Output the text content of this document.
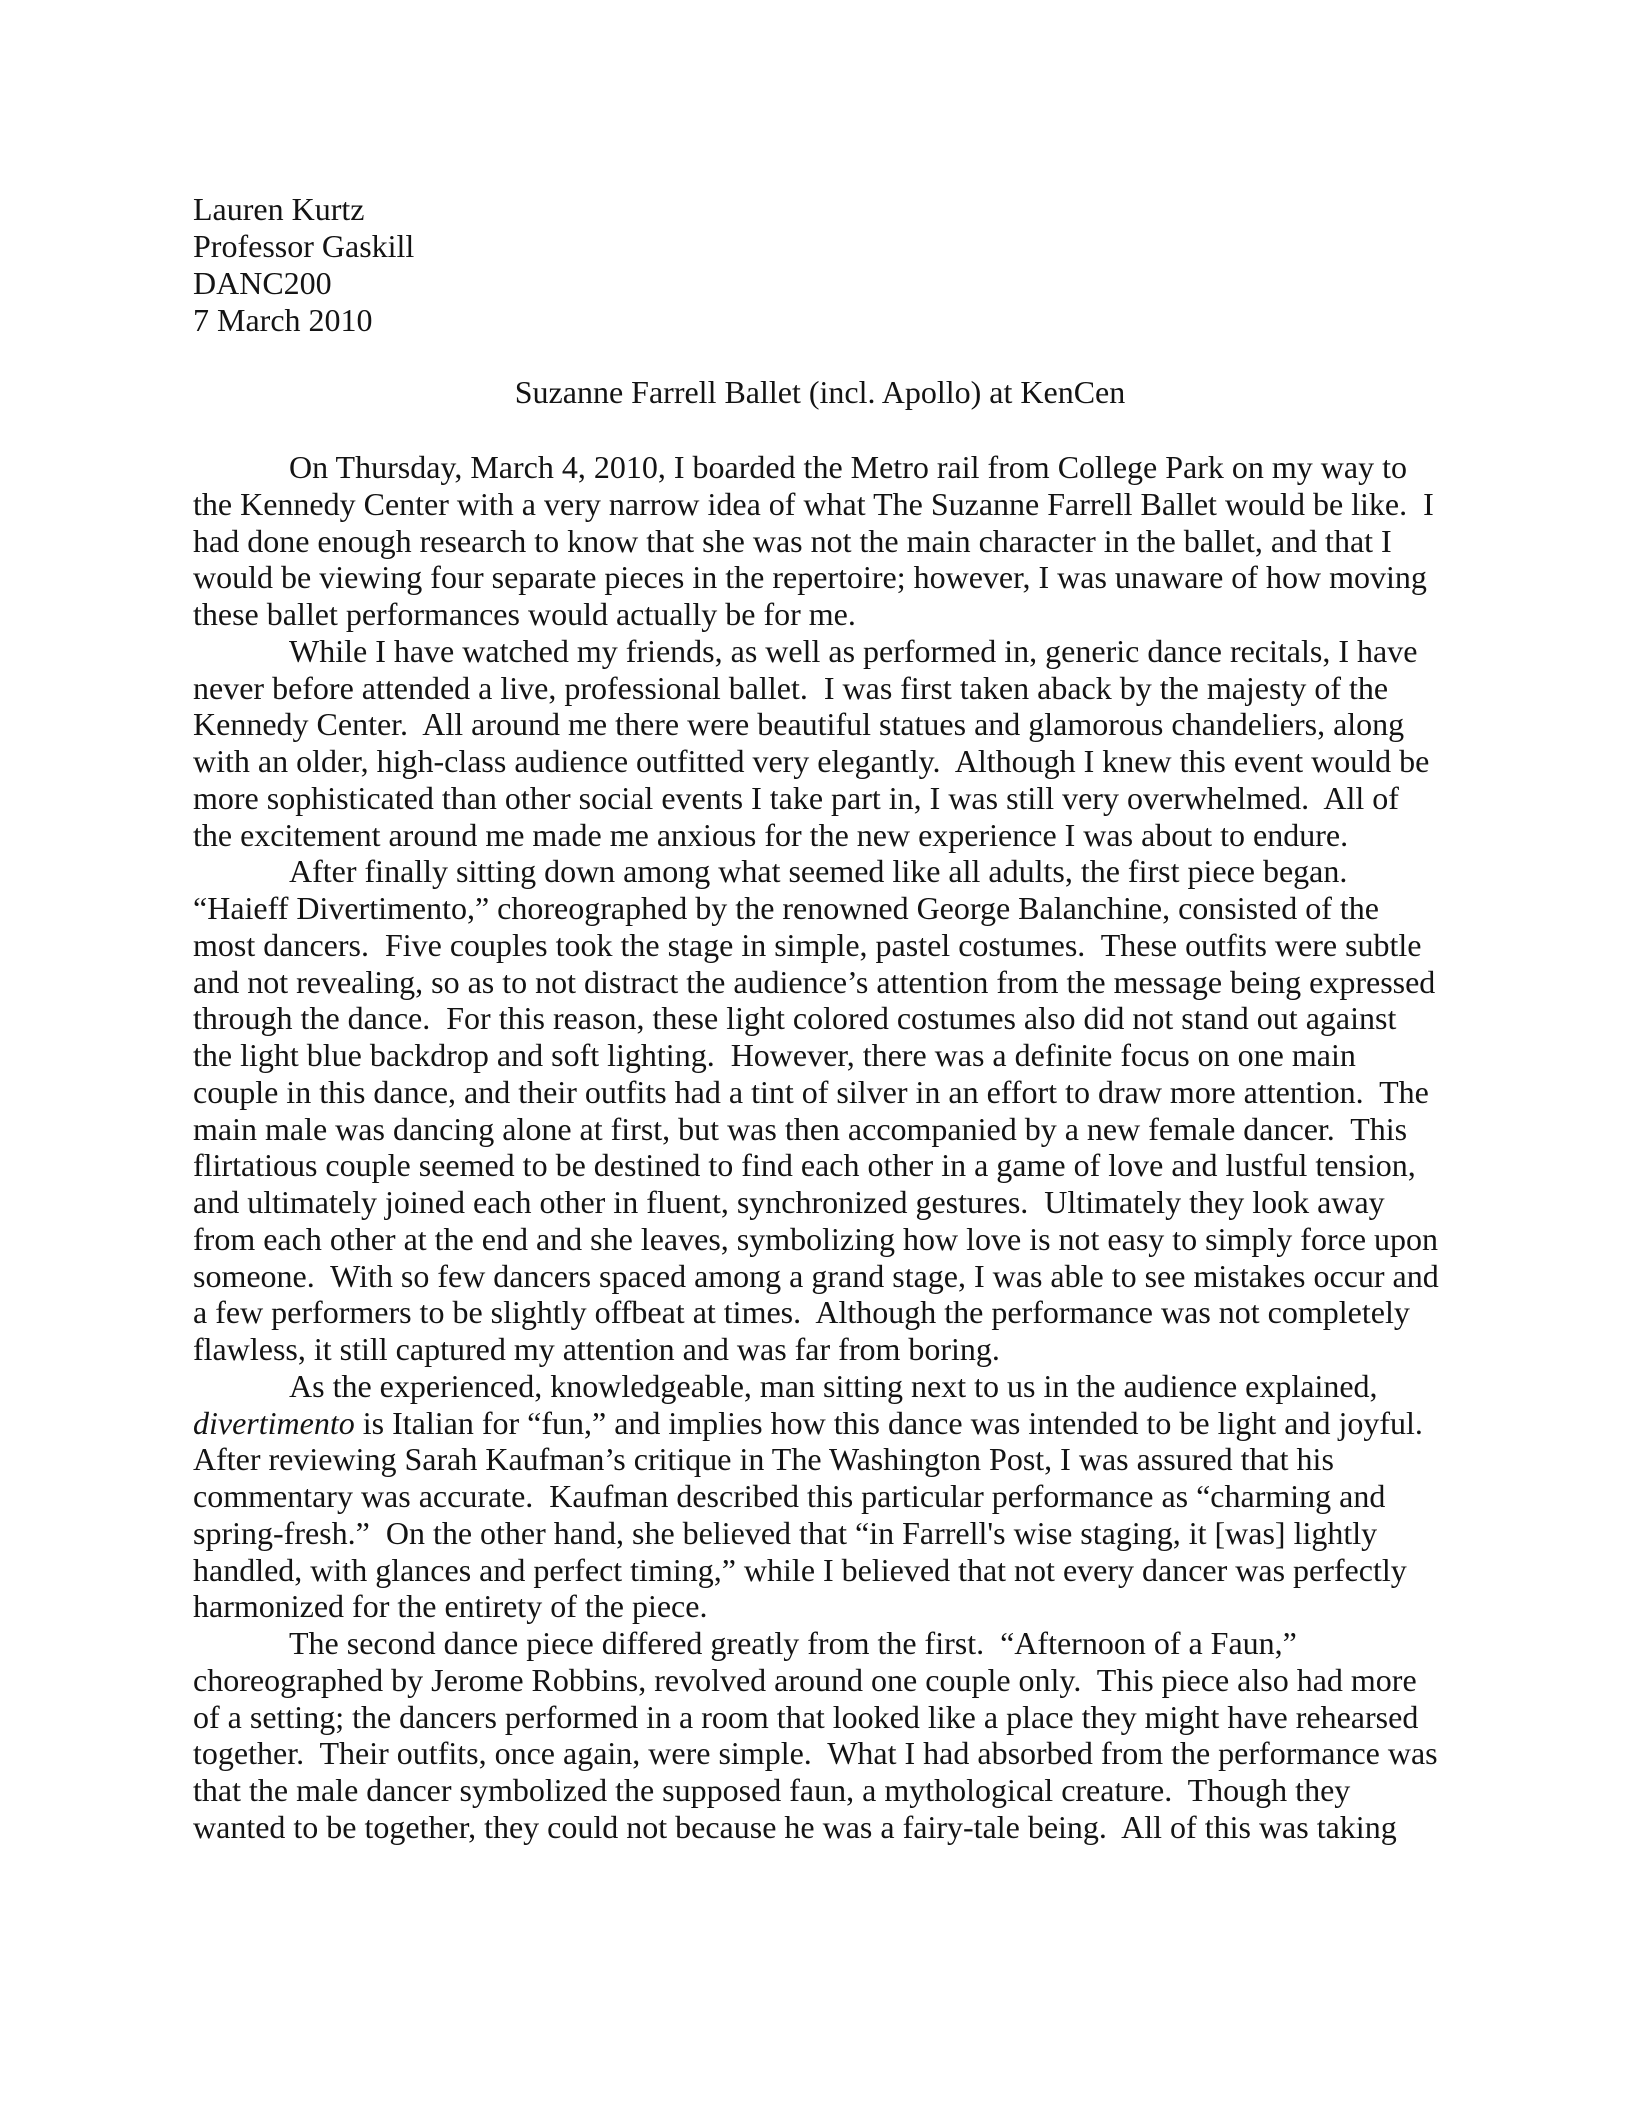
Lauren Kurtz
Professor Gaskill
DANC200
7 March 2010
Suzanne Farrell Ballet (incl. Apollo) at KenCen
On Thursday, March 4, 2010, I boarded the Metro rail from College Park on my way to
the Kennedy Center with a very narrow idea of what The Suzanne Farrell Ballet would be like.  I
had done enough research to know that she was not the main character in the ballet, and that I
would be viewing four separate pieces in the repertoire; however, I was unaware of how moving
these ballet performances would actually be for me.
While I have watched my friends, as well as performed in, generic dance recitals, I have
never before attended a live, professional ballet.  I was first taken aback by the majesty of the
Kennedy Center.  All around me there were beautiful statues and glamorous chandeliers, along
with an older, high-class audience outfitted very elegantly.  Although I knew this event would be
more sophisticated than other social events I take part in, I was still very overwhelmed.  All of
the excitement around me made me anxious for the new experience I was about to endure.
After finally sitting down among what seemed like all adults, the first piece began.
“Haieff Divertimento,” choreographed by the renowned George Balanchine, consisted of the
most dancers.  Five couples took the stage in simple, pastel costumes.  These outfits were subtle
and not revealing, so as to not distract the audience’s attention from the message being expressed
through the dance.  For this reason, these light colored costumes also did not stand out against
the light blue backdrop and soft lighting.  However, there was a definite focus on one main
couple in this dance, and their outfits had a tint of silver in an effort to draw more attention.  The
main male was dancing alone at first, but was then accompanied by a new female dancer.  This
flirtatious couple seemed to be destined to find each other in a game of love and lustful tension,
and ultimately joined each other in fluent, synchronized gestures.  Ultimately they look away
from each other at the end and she leaves, symbolizing how love is not easy to simply force upon
someone.  With so few dancers spaced among a grand stage, I was able to see mistakes occur and
a few performers to be slightly offbeat at times.  Although the performance was not completely
flawless, it still captured my attention and was far from boring.
As the experienced, knowledgeable, man sitting next to us in the audience explained,
divertimento is Italian for “fun,” and implies how this dance was intended to be light and joyful.
After reviewing Sarah Kaufman’s critique in The Washington Post, I was assured that his
commentary was accurate.  Kaufman described this particular performance as “charming and
spring-fresh.”  On the other hand, she believed that “in Farrell's wise staging, it [was] lightly
handled, with glances and perfect timing,” while I believed that not every dancer was perfectly
harmonized for the entirety of the piece.
The second dance piece differed greatly from the first.  “Afternoon of a Faun,”
choreographed by Jerome Robbins, revolved around one couple only.  This piece also had more
of a setting; the dancers performed in a room that looked like a place they might have rehearsed
together.  Their outfits, once again, were simple.  What I had absorbed from the performance was
that the male dancer symbolized the supposed faun, a mythological creature.  Though they
wanted to be together, they could not because he was a fairy-tale being.  All of this was taking
